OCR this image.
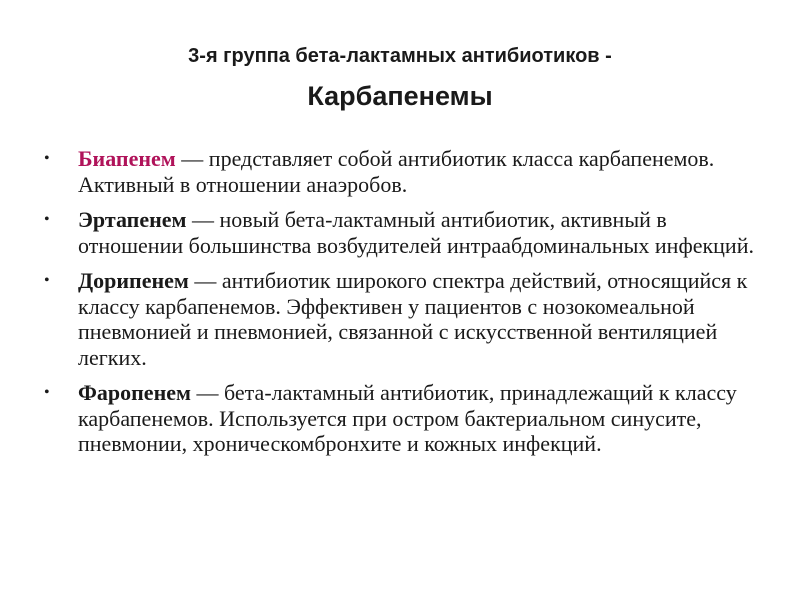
3-я группа бета-лактамных антибиотиков -
Карбапенемы
• Биапенем — представляет собой антибиотик класса карбапенемов. Активный в отношении анаэробов.
• Эртапенем — новый бета-лактамный антибиотик, активный в отношении большинства возбудителей интраабдоминальных инфекций.
• Дорипенем — антибиотик широкого спектра действий, относящийся к классу карбапенемов. Эффективен у пациентов с нозокомеальной пневмонией и пневмонией, связанной с искусственной вентиляцией легких.
• Фаропенем — бета-лактамный антибиотик, принадлежащий к классу карбапенемов. Используется при остром бактериальном синусите, пневмонии, хроническомбронхите и кожных инфекций.
